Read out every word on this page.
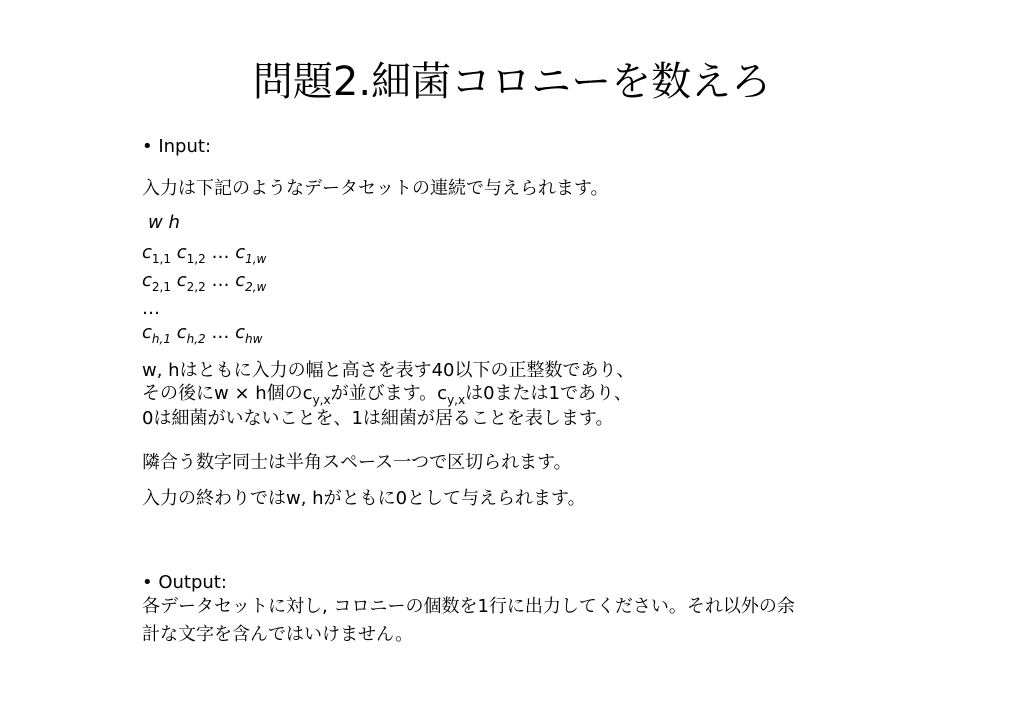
問題2.細菌コロニーを数えろ
• Input:
入力は下記のようなデータセットの連続で与えられます。
w h
$c_{1,1}$ $c_{1,2}$ … $c_{1,w}$
$c_{2,1}$ $c_{2,2}$ … $c_{2,w}$
…
$c_{h,1}$ $c_{h,2}$ … $c_{hw}$
w, hはともに入力の幅と高さを表す40以下の正整数であり、
その後にw × h個の$c_{y,x}$が並びます。$c_{y,x}$は0または1であり、
0は細菌がいないことを、1は細菌が居ることを表します。
隣合う数字同士は半角スペース一つで区切られます。
入力の終わりではw, hがともに0として与えられます。
• Output:
各データセットに対し, コロニーの個数を1行に出力してください。それ以外の余
計な文字を含んではいけません。
